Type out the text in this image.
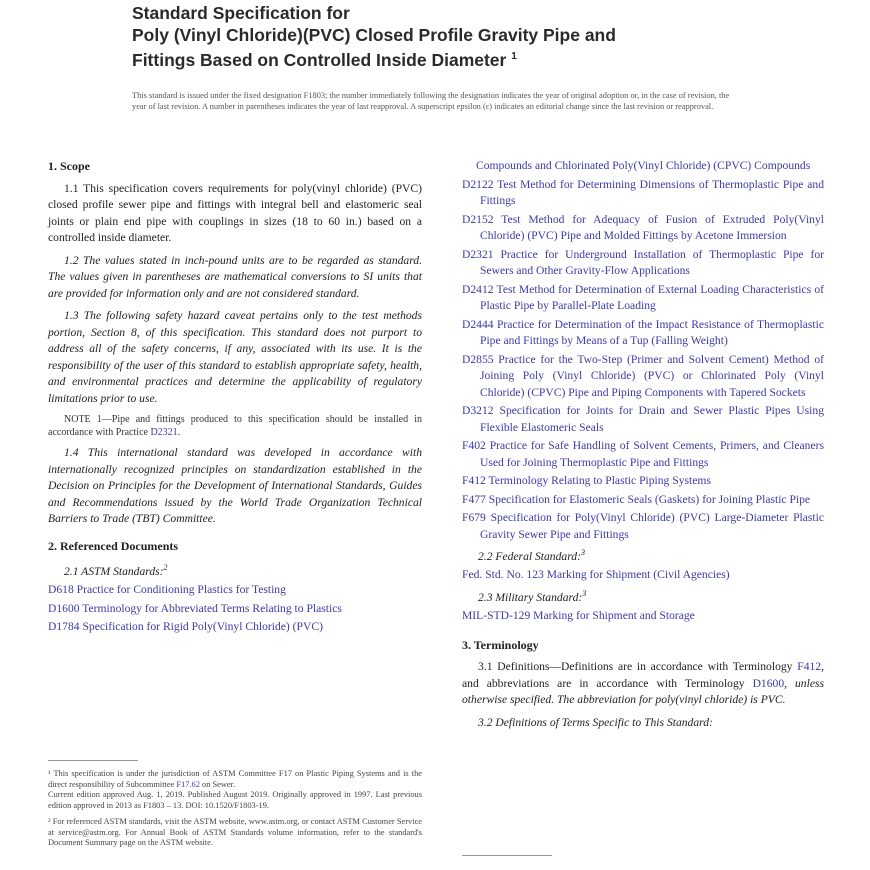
Standard Specification for
Poly (Vinyl Chloride)(PVC) Closed Profile Gravity Pipe and
Fittings Based on Controlled Inside Diameter $^1$
This standard is issued under the fixed designation F1803; the number immediately following the designation indicates the year of original adoption or, in the case of revision, the year of last revision. A number in parentheses indicates the year of last reapproval. A superscript epsilon (ε) indicates an editorial change since the last revision or reapproval.
1. Scope

1.1 This specification covers requirements for poly(vinyl chloride) (PVC) closed profile sewer pipe and fittings with integral bell and elastomeric seal joints or plain end pipe with couplings in sizes (18 to 60 in.) based on a controlled inside diameter.

1.2 The values stated in inch-pound units are to be regarded as standard. The values given in parentheses are mathematical conversions to SI units that are provided for information only and are not considered standard.

1.3 The following safety hazard caveat pertains only to the test methods portion, Section 8, of this specification. This standard does not purport to address all of the safety concerns, if any, associated with its use. It is the responsibility of the user of this standard to establish appropriate safety, health, and environmental practices and determine the applicability of regulatory limitations prior to use.

NOTE 1—Pipe and fittings produced to this specification should be installed in accordance with Practice D2321.

1.4 This international standard was developed in accordance with internationally recognized principles on standardization established in the Decision on Principles for the Development of International Standards, Guides and Recommendations issued by the World Trade Organization Technical Barriers to Trade (TBT) Committee.

2. Referenced Documents
2.1 ASTM Standards:$^2$
D618 Practice for Conditioning Plastics for Testing
D1600 Terminology for Abbreviated Terms Relating to Plastics
D1784 Specification for Rigid Poly(Vinyl Chloride) (PVC)
¹ This specification is under the jurisdiction of ASTM Committee F17 on Plastic Piping Systems and is the direct responsibility of Subcommittee F17.62 on Sewer.
Current edition approved Aug. 1, 2019. Published August 2019. Originally approved in 1997. Last previous edition approved in 2013 as F1803 – 13. DOI: 10.1520/F1803-19.
² For referenced ASTM standards, visit the ASTM website, www.astm.org, or contact ASTM Customer Service at service@astm.org. For Annual Book of ASTM Standards volume information, refer to the standard's Document Summary page on the ASTM website.
Compounds and Chlorinated Poly(Vinyl Chloride) (CPVC) Compounds
D2122 Test Method for Determining Dimensions of Thermoplastic Pipe and Fittings
D2152 Test Method for Adequacy of Fusion of Extruded Poly(Vinyl Chloride) (PVC) Pipe and Molded Fittings by Acetone Immersion
D2321 Practice for Underground Installation of Thermoplastic Pipe for Sewers and Other Gravity-Flow Applications
D2412 Test Method for Determination of External Loading Characteristics of Plastic Pipe by Parallel-Plate Loading
D2444 Practice for Determination of the Impact Resistance of Thermoplastic Pipe and Fittings by Means of a Tup (Falling Weight)
D2855 Practice for the Two-Step (Primer and Solvent Cement) Method of Joining Poly (Vinyl Chloride) (PVC) or Chlorinated Poly (Vinyl Chloride) (CPVC) Pipe and Piping Components with Tapered Sockets
D3212 Specification for Joints for Drain and Sewer Plastic Pipes Using Flexible Elastomeric Seals
F402 Practice for Safe Handling of Solvent Cements, Primers, and Cleaners Used for Joining Thermoplastic Pipe and Fittings
F412 Terminology Relating to Plastic Piping Systems
F477 Specification for Elastomeric Seals (Gaskets) for Joining Plastic Pipe
F679 Specification for Poly(Vinyl Chloride) (PVC) Large-Diameter Plastic Gravity Sewer Pipe and Fittings
2.2 Federal Standard:$^3$
Fed. Std. No. 123 Marking for Shipment (Civil Agencies)
2.3 Military Standard:$^3$
MIL-STD-129 Marking for Shipment and Storage
3. Terminology

3.1 Definitions—Definitions are in accordance with Terminology F412, and abbreviations are in accordance with Terminology D1600, unless otherwise specified. The abbreviation for poly(vinyl chloride) is PVC.

3.2 Definitions of Terms Specific to This Standard:
